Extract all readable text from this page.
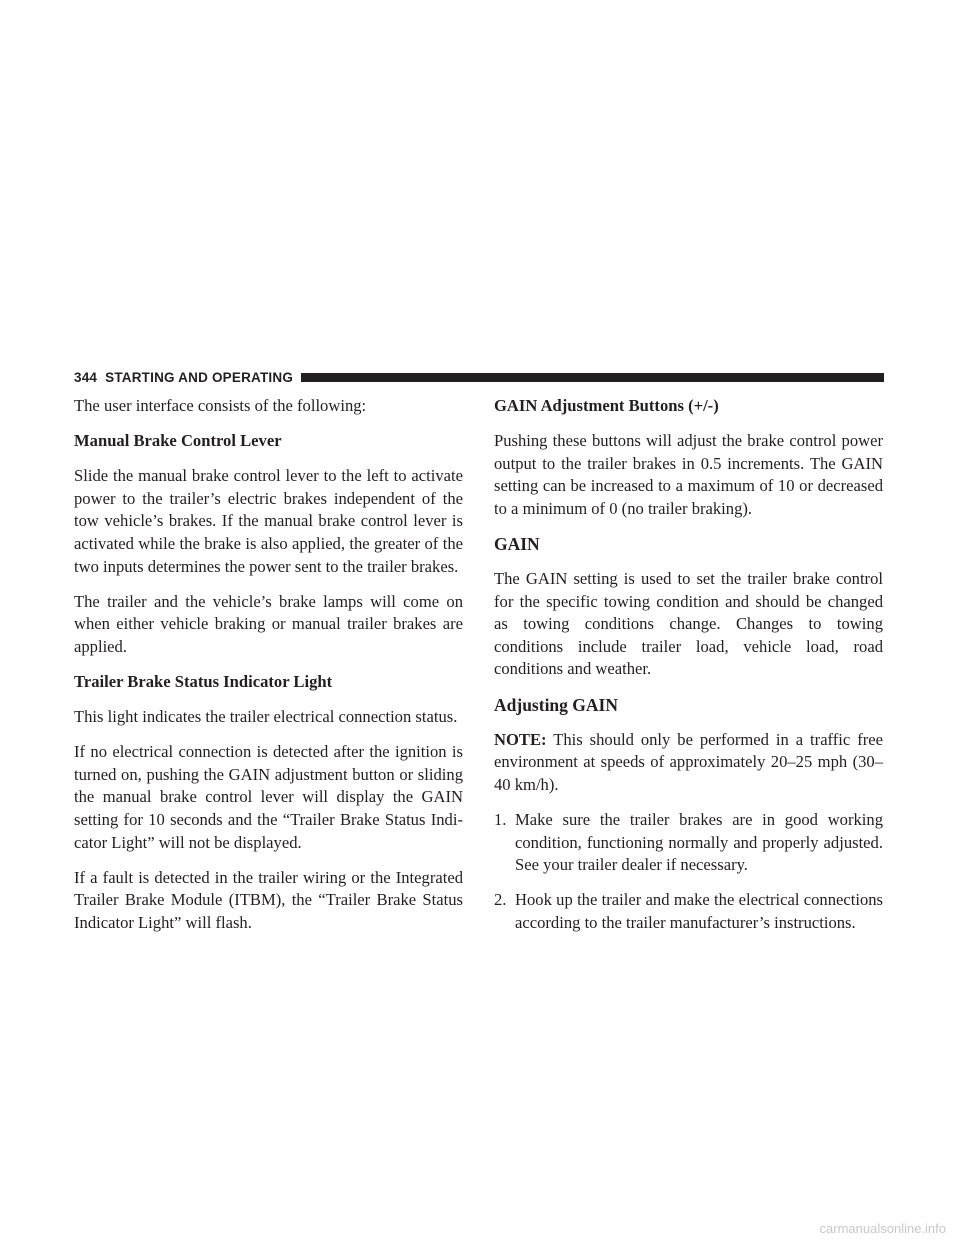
344 STARTING AND OPERATING

The user interface consists of the following:

Manual Brake Control Lever

Slide the manual brake control lever to the left to activate power to the trailer’s electric brakes independent of the tow vehicle’s brakes. If the manual brake control lever is activated while the brake is also applied, the greater of the two inputs determines the power sent to the trailer brakes.

The trailer and the vehicle’s brake lamps will come on when either vehicle braking or manual trailer brakes are applied.

Trailer Brake Status Indicator Light

This light indicates the trailer electrical connection status.

If no electrical connection is detected after the ignition is turned on, pushing the GAIN adjustment button or sliding the manual brake control lever will display the GAIN setting for 10 seconds and the “Trailer Brake Status Indi-cator Light” will not be displayed.

If a fault is detected in the trailer wiring or the Integrated Trailer Brake Module (ITBM), the “Trailer Brake Status Indicator Light” will flash.

GAIN Adjustment Buttons (+/-)

Pushing these buttons will adjust the brake control power output to the trailer brakes in 0.5 increments. The GAIN setting can be increased to a maximum of 10 or decreased to a minimum of 0 (no trailer braking).

GAIN

The GAIN setting is used to set the trailer brake control for the specific towing condition and should be changed as towing conditions change. Changes to towing conditions include trailer load, vehicle load, road conditions and weather.

Adjusting GAIN

NOTE: This should only be performed in a traffic free environment at speeds of approximately 20–25 mph (30–40 km/h).

1. Make sure the trailer brakes are in good working condition, functioning normally and properly adjusted. See your trailer dealer if necessary.
2. Hook up the trailer and make the electrical connections according to the trailer manufacturer’s instructions.
carmanualsonline.info
